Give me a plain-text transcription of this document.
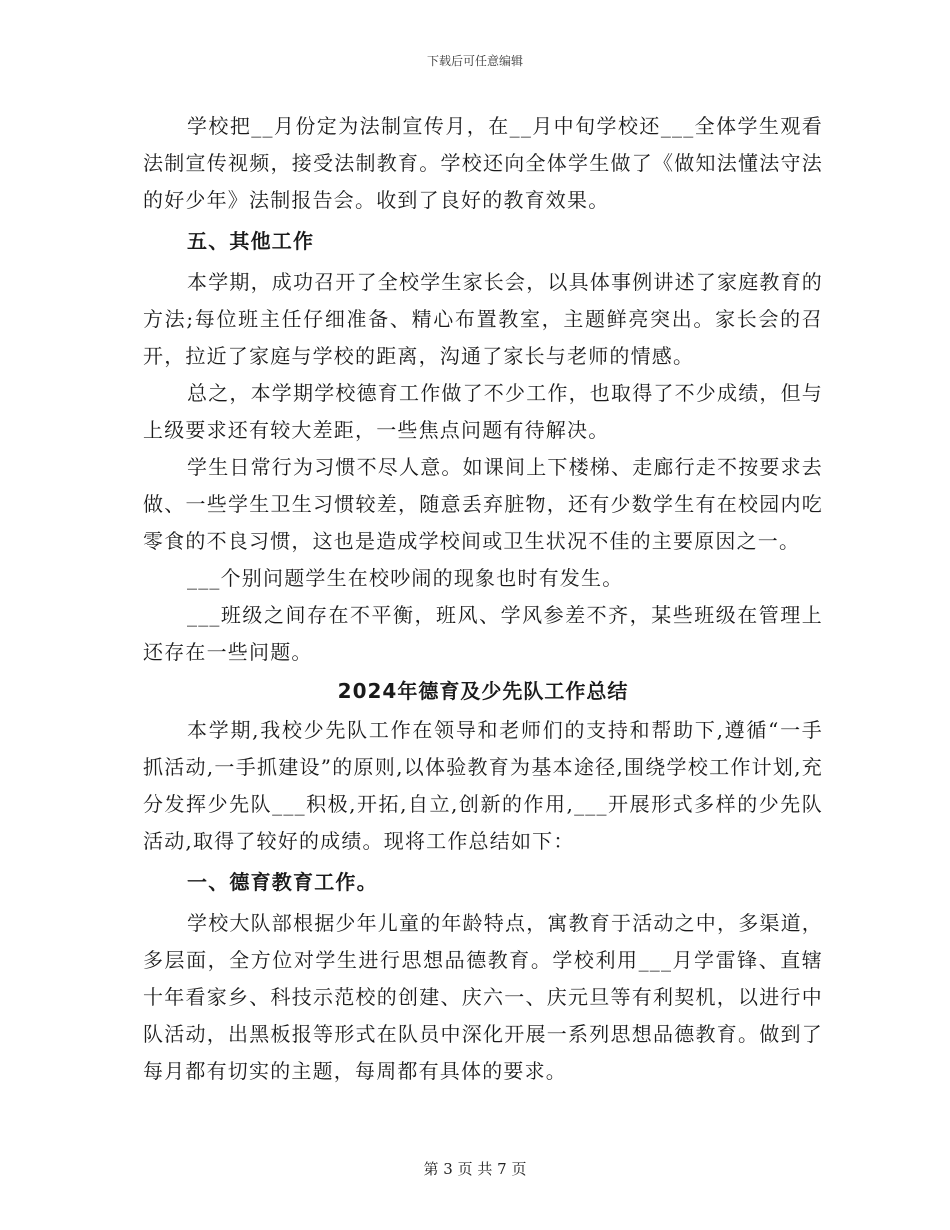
下载后可任意编辑

学校把__月份定为法制宣传月，在__月中旬学校还___全体学生观看法制宣传视频，接受法制教育。学校还向全体学生做了《做知法懂法守法的好少年》法制报告会。收到了良好的教育效果。

五、其他工作

本学期，成功召开了全校学生家长会，以具体事例讲述了家庭教育的方法;每位班主任仔细准备、精心布置教室，主题鲜亮突出。家长会的召开，拉近了家庭与学校的距离，沟通了家长与老师的情感。

总之，本学期学校德育工作做了不少工作，也取得了不少成绩，但与上级要求还有较大差距，一些焦点问题有待解决。

学生日常行为习惯不尽人意。如课间上下楼梯、走廊行走不按要求去做、一些学生卫生习惯较差，随意丢弃脏物，还有少数学生有在校园内吃零食的不良习惯，这也是造成学校间或卫生状况不佳的主要原因之一。

___个别问题学生在校吵闹的现象也时有发生。

___班级之间存在不平衡，班风、学风参差不齐，某些班级在管理上还存在一些问题。

2024年德育及少先队工作总结

本学期,我校少先队工作在领导和老师们的支持和帮助下,遵循“一手抓活动,一手抓建设”的原则,以体验教育为基本途径,围绕学校工作计划,充分发挥少先队___积极,开拓,自立,创新的作用,___开展形式多样的少先队活动,取得了较好的成绩。现将工作总结如下：

一、德育教育工作。

学校大队部根据少年儿童的年龄特点，寓教育于活动之中，多渠道，多层面，全方位对学生进行思想品德教育。学校利用___月学雷锋、直辖十年看家乡、科技示范校的创建、庆六一、庆元旦等有利契机，以进行中队活动，出黑板报等形式在队员中深化开展一系列思想品德教育。做到了每月都有切实的主题，每周都有具体的要求。

第 3 页 共 7 页
